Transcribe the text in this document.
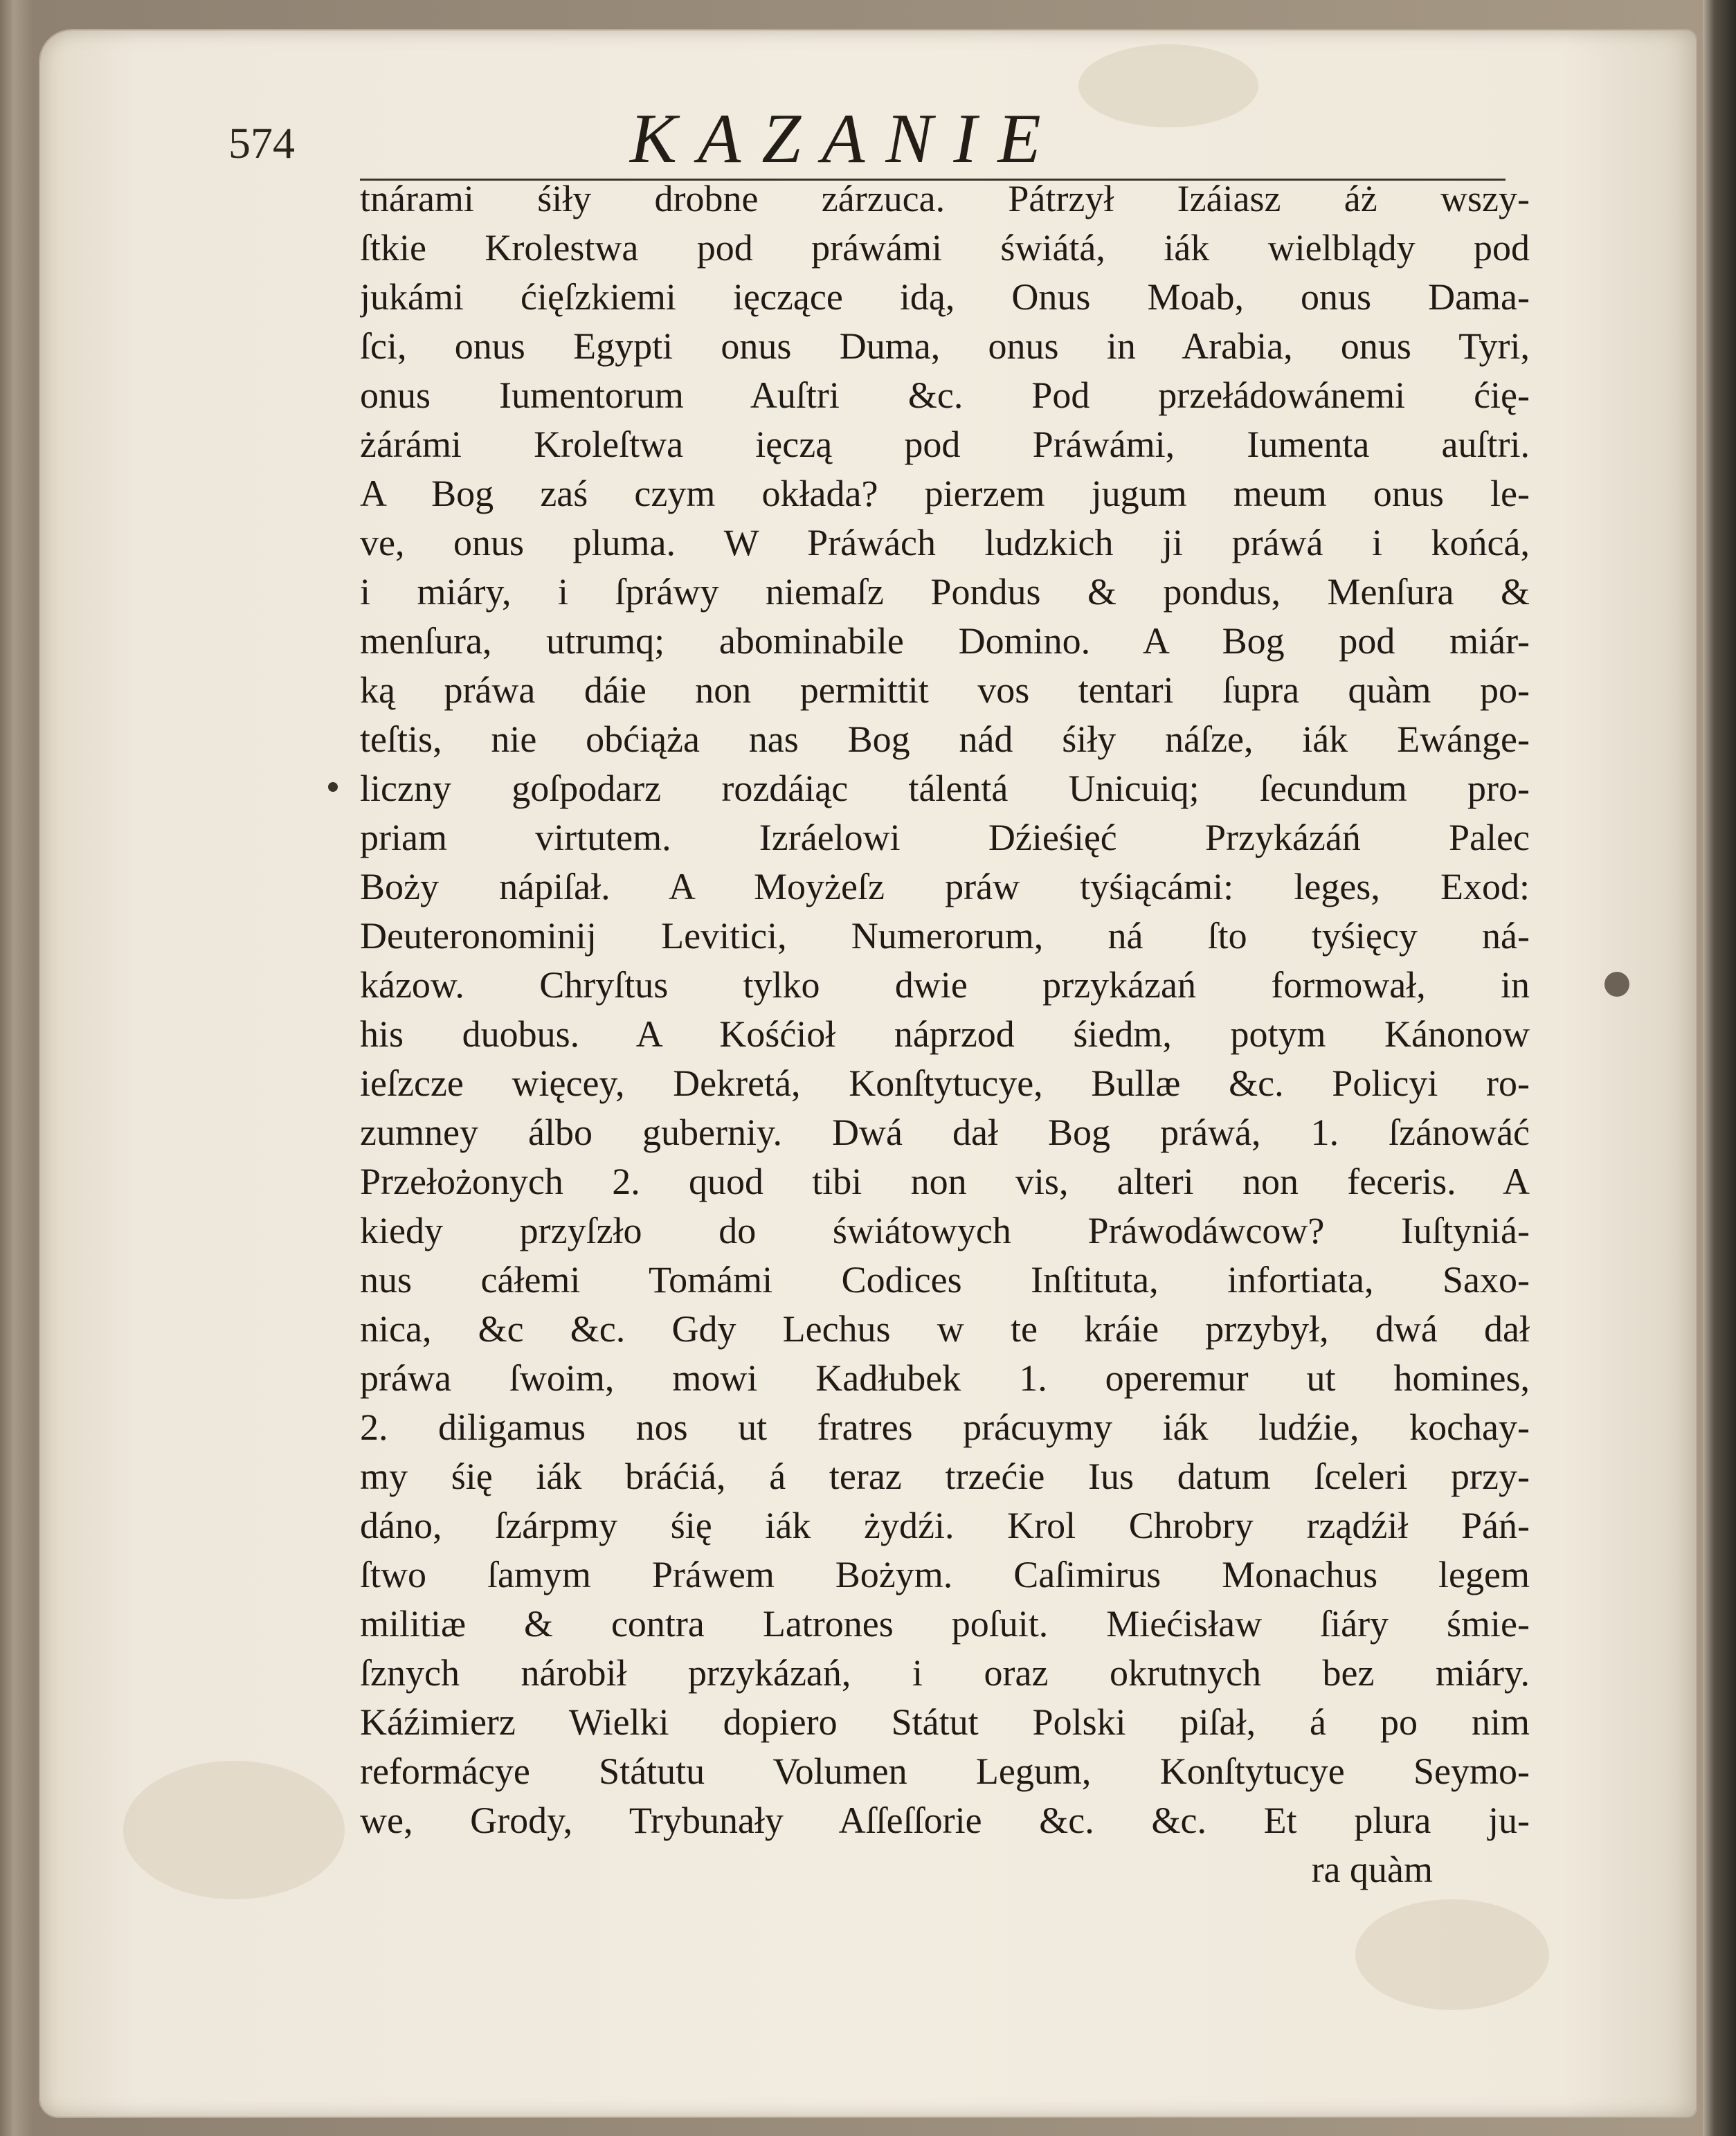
574	KAZANIE
tnárami śiły drobne zárzuca. Pátrzył Izáiasz áż wszy-
ſtkie Krolestwa pod práwámi świátá, iák wielblądy pod
jukámi ćięſzkiemi ięczące idą, Onus Moab, onus Dama-
ſci, onus Egypti onus Duma, onus in Arabia, onus Tyri,
onus Iumentorum Auſtri &c. Pod przełádowánemi ćię-
żárámi Kroleſtwa ięczą pod Práwámi, Iumenta auſtri.
A Bog zaś czym okłada? pierzem jugum meum onus le-
ve, onus pluma. W Práwách ludzkich ji práwá i końcá,
i miáry, i ſpráwy niemaſz Pondus & pondus, Menſura &
menſura, utrumq; abominabile Domino. A Bog pod miár-
ką práwa dáie non permittit vos tentari ſupra quàm po-
teſtis, nie obćiąża nas Bog nád śiły náſze, iák Ewánge-
liczny goſpodarz rozdáiąc tálentá Unicuiq; ſecundum pro-
priam virtutem. Izráelowi Dźieśięć Przykázáń Palec
Boży nápiſał. A Moyżeſz práw tyśiącámi: leges, Exod:
Deuteronominij Levitici, Numerorum, ná ſto tyśięcy ná-
kázow. Chryſtus tylko dwie przykázań formował, in
his duobus. A Kośćioł náprzod śiedm, potym Kánonow
ieſzcze więcey, Dekretá, Konſtytucye, Bullæ &c. Policyi ro-
zumney álbo guberniy. Dwá dał Bog práwá, 1. ſzánowáć
Przełożonych 2. quod tibi non vis, alteri non feceris. A
kiedy przyſzło do świátowych Práwodáwcow? Iuſtyniá-
nus cáłemi Tomámi Codices Inſtituta, infortiata, Saxo-
nica, &c &c. Gdy Lechus w te kráie przybył, dwá dał
práwa ſwoim, mowi Kadłubek 1. operemur ut homines,
2. diligamus nos ut fratres prácuymy iák ludźie, kochay-
my śię iák bráćiá, á teraz trzećie Ius datum ſceleri przy-
dáno, ſzárpmy śię iák żydźi. Krol Chrobry rządźił Páń-
ſtwo ſamym Práwem Bożym. Caſimirus Monachus legem
militiæ & contra Latrones poſuit. Miećisław ſiáry śmie-
ſznych nárobił przykázań, i oraz okrutnych bez miáry.
Káźimierz Wielki dopiero Státut Polski piſał, á po nim
reformácye Státutu Volumen Legum, Konſtytucye Seymo-
we, Grody, Trybunały Aſſeſſorie &c. &c. Et plura ju-
ra quàm
